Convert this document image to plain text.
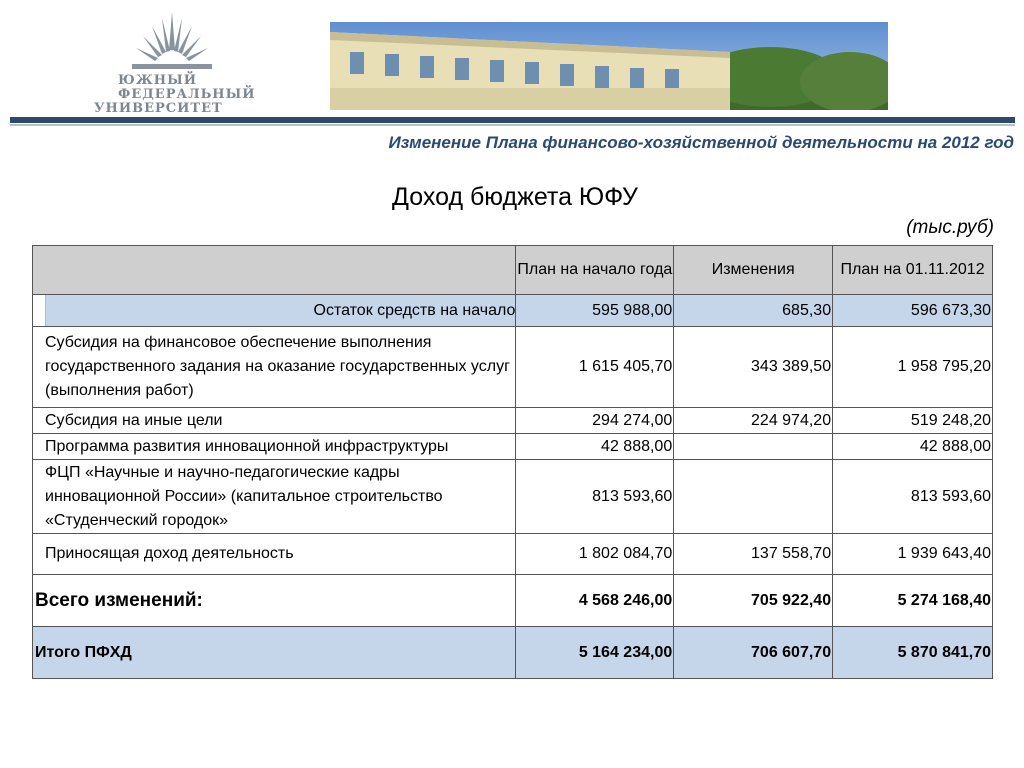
ЮЖНЫЙ
ФЕДЕРАЛЬНЫЙ
УНИВЕРСИТЕТ
Изменение Плана финансово-хозяйственной деятельности на 2012 год
Доход бюджета ЮФУ
(тыс.руб)
	План на начало года	Изменения	План на 01.11.2012

Остаток средств на начало	595 988,00	685,30	596 673,30
Субсидия на финансовое обеспечение выполнения государственного задания на оказание государственных услуг (выполнения работ)	1 615 405,70	343 389,50	1 958 795,20
Субсидия на иные цели	294 274,00	224 974,20	519 248,20
Программа развития инновационной инфраструктуры	42 888,00		42 888,00
ФЦП «Научные и научно-педагогические кадры инновационной России» (капитальное строительство «Студенческий городок»	813 593,60		813 593,60
Приносящая доход деятельность	1 802 084,70	137 558,70	1 939 643,40
Всего изменений:	4 568 246,00	705 922,40	5 274 168,40
Итого ПФХД	5 164 234,00	706 607,70	5 870 841,70
